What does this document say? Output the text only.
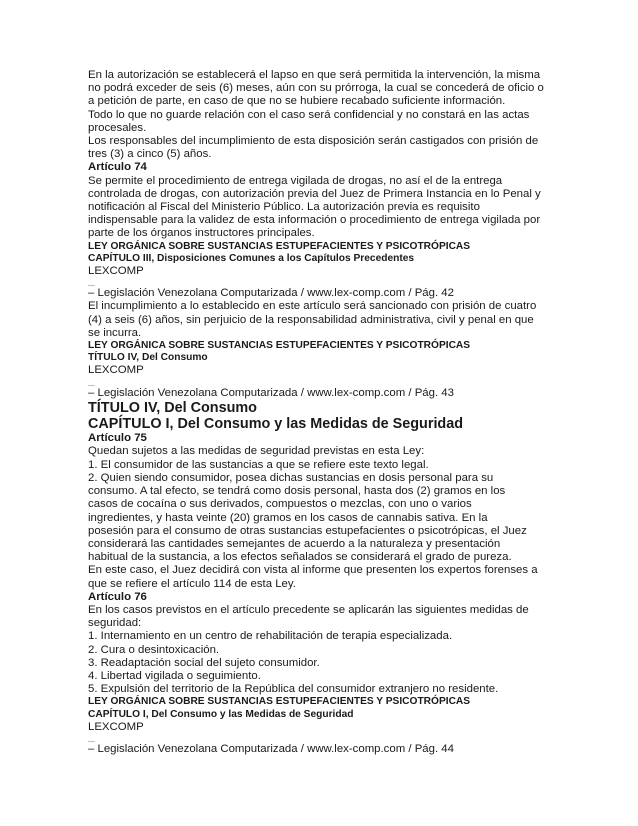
En la autorización se establecerá el lapso en que será permitida la intervención, la misma

no podrá exceder de seis (6) meses, aún con su prórroga, la cual se concederá de oficio o

a petición de parte, en caso de que no se hubiere recabado suficiente información.

Todo lo que no guarde relación con el caso será confidencial y no constará en las actas

procesales.

Los responsables del incumplimiento de esta disposición serán castigados con prisión de

tres (3) a cinco (5) años.

Artículo 74

Se permite el procedimiento de entrega vigilada de drogas, no así el de la entrega

controlada de drogas, con autorización previa del Juez de Primera Instancia en lo Penal y

notificación al Fiscal del Ministerio Público. La autorización previa es requisito

indispensable para la validez de esta información o procedimiento de entrega vigilada por

parte de los órganos instructores principales.

LEY ORGÁNICA SOBRE SUSTANCIAS ESTUPEFACIENTES Y PSICOTRÓPICAS

CAPÍTULO III, Disposiciones Comunes a los Capítulos Precedentes

LEXCOMP

__

– Legislación Venezolana Computarizada / www.lex-comp.com / Pág. 42

El incumplimiento a lo establecido en este artículo será sancionado con prisión de cuatro

(4) a seis (6) años, sin perjuicio de la responsabilidad administrativa, civil y penal en que

se incurra.

LEY ORGÁNICA SOBRE SUSTANCIAS ESTUPEFACIENTES Y PSICOTRÓPICAS

TÍTULO IV, Del Consumo

LEXCOMP

__

– Legislación Venezolana Computarizada / www.lex-comp.com / Pág. 43

TÍTULO IV, Del Consumo

CAPÍTULO I, Del Consumo y las Medidas de Seguridad

Artículo 75

Quedan sujetos a las medidas de seguridad previstas en esta Ley:

1. El consumidor de las sustancias a que se refiere este texto legal.

2. Quien siendo consumidor, posea dichas sustancias en dosis personal para su

consumo. A tal efecto, se tendrá como dosis personal, hasta dos (2) gramos en los

casos de cocaína o sus derivados, compuestos o mezclas, con uno o varios

ingredientes, y hasta veinte (20) gramos en los casos de cannabis sativa. En la

posesión para el consumo de otras sustancias estupefacientes o psicotrópicas, el Juez

considerará las cantidades semejantes de acuerdo a la naturaleza y presentación

habitual de la sustancia, a los efectos señalados se considerará el grado de pureza.

En este caso, el Juez decidirá con vista al informe que presenten los expertos forenses a

que se refiere el artículo 114 de esta Ley.

Artículo 76

En los casos previstos en el artículo precedente se aplicarán las siguientes medidas de

seguridad:

1. Internamiento en un centro de rehabilitación de terapia especializada.

2. Cura o desintoxicación.

3. Readaptación social del sujeto consumidor.

4. Libertad vigilada o seguimiento.

5. Expulsión del territorio de la República del consumidor extranjero no residente.

LEY ORGÁNICA SOBRE SUSTANCIAS ESTUPEFACIENTES Y PSICOTRÓPICAS

CAPÍTULO I, Del Consumo y las Medidas de Seguridad

LEXCOMP

__

– Legislación Venezolana Computarizada / www.lex-comp.com / Pág. 44
